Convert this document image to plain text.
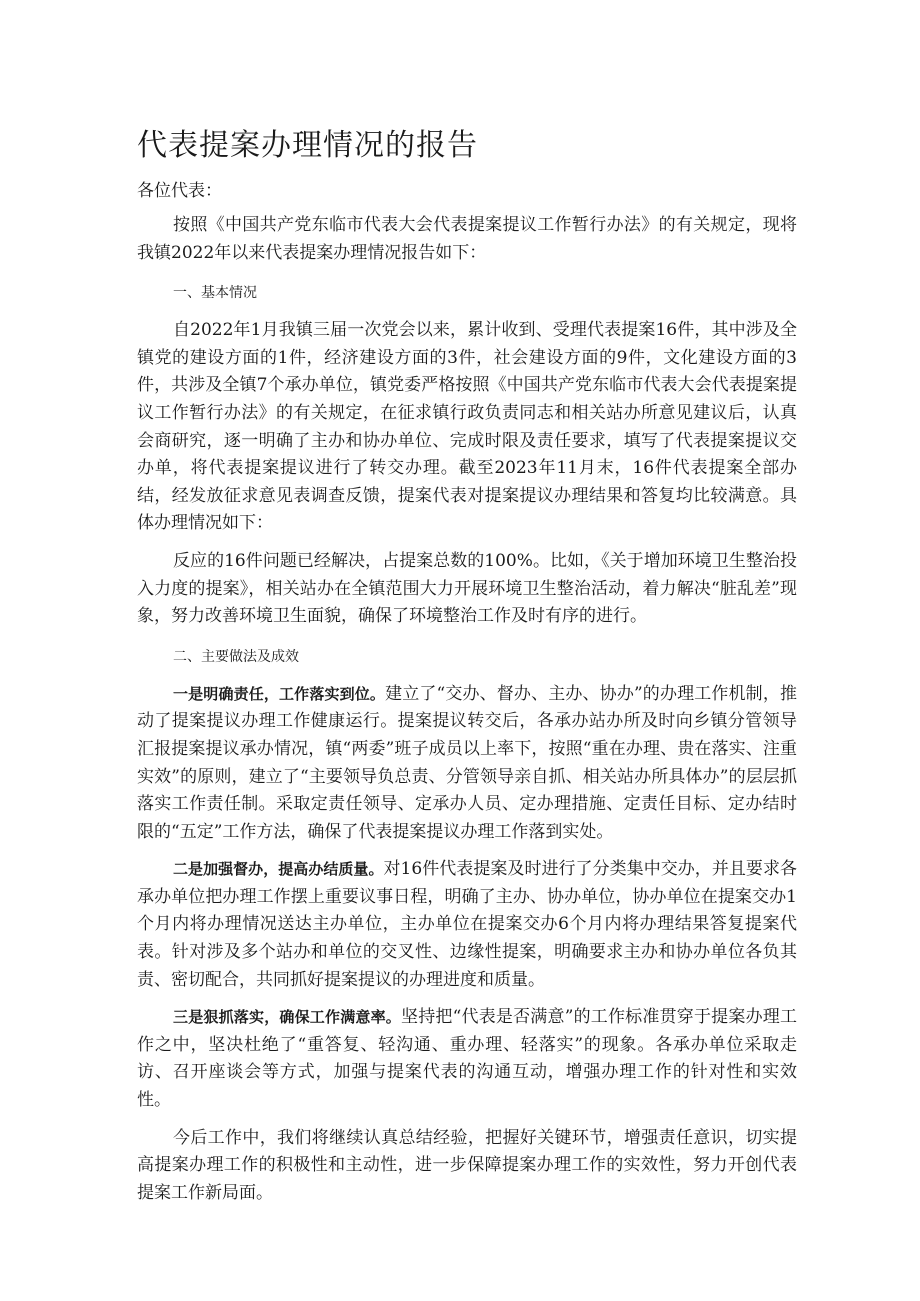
代表提案办理情况的报告

各位代表：

按照《中国共产党东临市代表大会代表提案提议工作暂行办法》的有关规定，现将我镇2022年以来代表提案办理情况报告如下：

一、基本情况

自2022年1月我镇三届一次党会以来，累计收到、受理代表提案16件，其中涉及全镇党的建设方面的1件，经济建设方面的3件，社会建设方面的9件，文化建设方面的3件，共涉及全镇7个承办单位，镇党委严格按照《中国共产党东临市代表大会代表提案提议工作暂行办法》的有关规定，在征求镇行政负责同志和相关站办所意见建议后，认真会商研究，逐一明确了主办和协办单位、完成时限及责任要求，填写了代表提案提议交办单，将代表提案提议进行了转交办理。截至2023年11月末，16件代表提案全部办结，经发放征求意见表调查反馈，提案代表对提案提议办理结果和答复均比较满意。具体办理情况如下：

反应的16件问题已经解决，占提案总数的100%。比如，《关于增加环境卫生整治投入力度的提案》，相关站办在全镇范围大力开展环境卫生整治活动，着力解决“脏乱差”现象，努力改善环境卫生面貌，确保了环境整治工作及时有序的进行。

二、主要做法及成效

一是明确责任，工作落实到位。建立了“交办、督办、主办、协办”的办理工作机制，推动了提案提议办理工作健康运行。提案提议转交后，各承办站办所及时向乡镇分管领导汇报提案提议承办情况，镇“两委”班子成员以上率下，按照“重在办理、贵在落实、注重实效”的原则，建立了“主要领导负总责、分管领导亲自抓、相关站办所具体办”的层层抓落实工作责任制。采取定责任领导、定承办人员、定办理措施、定责任目标、定办结时限的“五定”工作方法，确保了代表提案提议办理工作落到实处。

二是加强督办，提高办结质量。对16件代表提案及时进行了分类集中交办，并且要求各承办单位把办理工作摆上重要议事日程，明确了主办、协办单位，协办单位在提案交办1个月内将办理情况送达主办单位，主办单位在提案交办6个月内将办理结果答复提案代表。针对涉及多个站办和单位的交叉性、边缘性提案，明确要求主办和协办单位各负其责、密切配合，共同抓好提案提议的办理进度和质量。

三是狠抓落实，确保工作满意率。坚持把“代表是否满意”的工作标准贯穿于提案办理工作之中，坚决杜绝了“重答复、轻沟通、重办理、轻落实”的现象。各承办单位采取走访、召开座谈会等方式，加强与提案代表的沟通互动，增强办理工作的针对性和实效性。

今后工作中，我们将继续认真总结经验，把握好关键环节，增强责任意识，切实提高提案办理工作的积极性和主动性，进一步保障提案办理工作的实效性，努力开创代表提案工作新局面。
